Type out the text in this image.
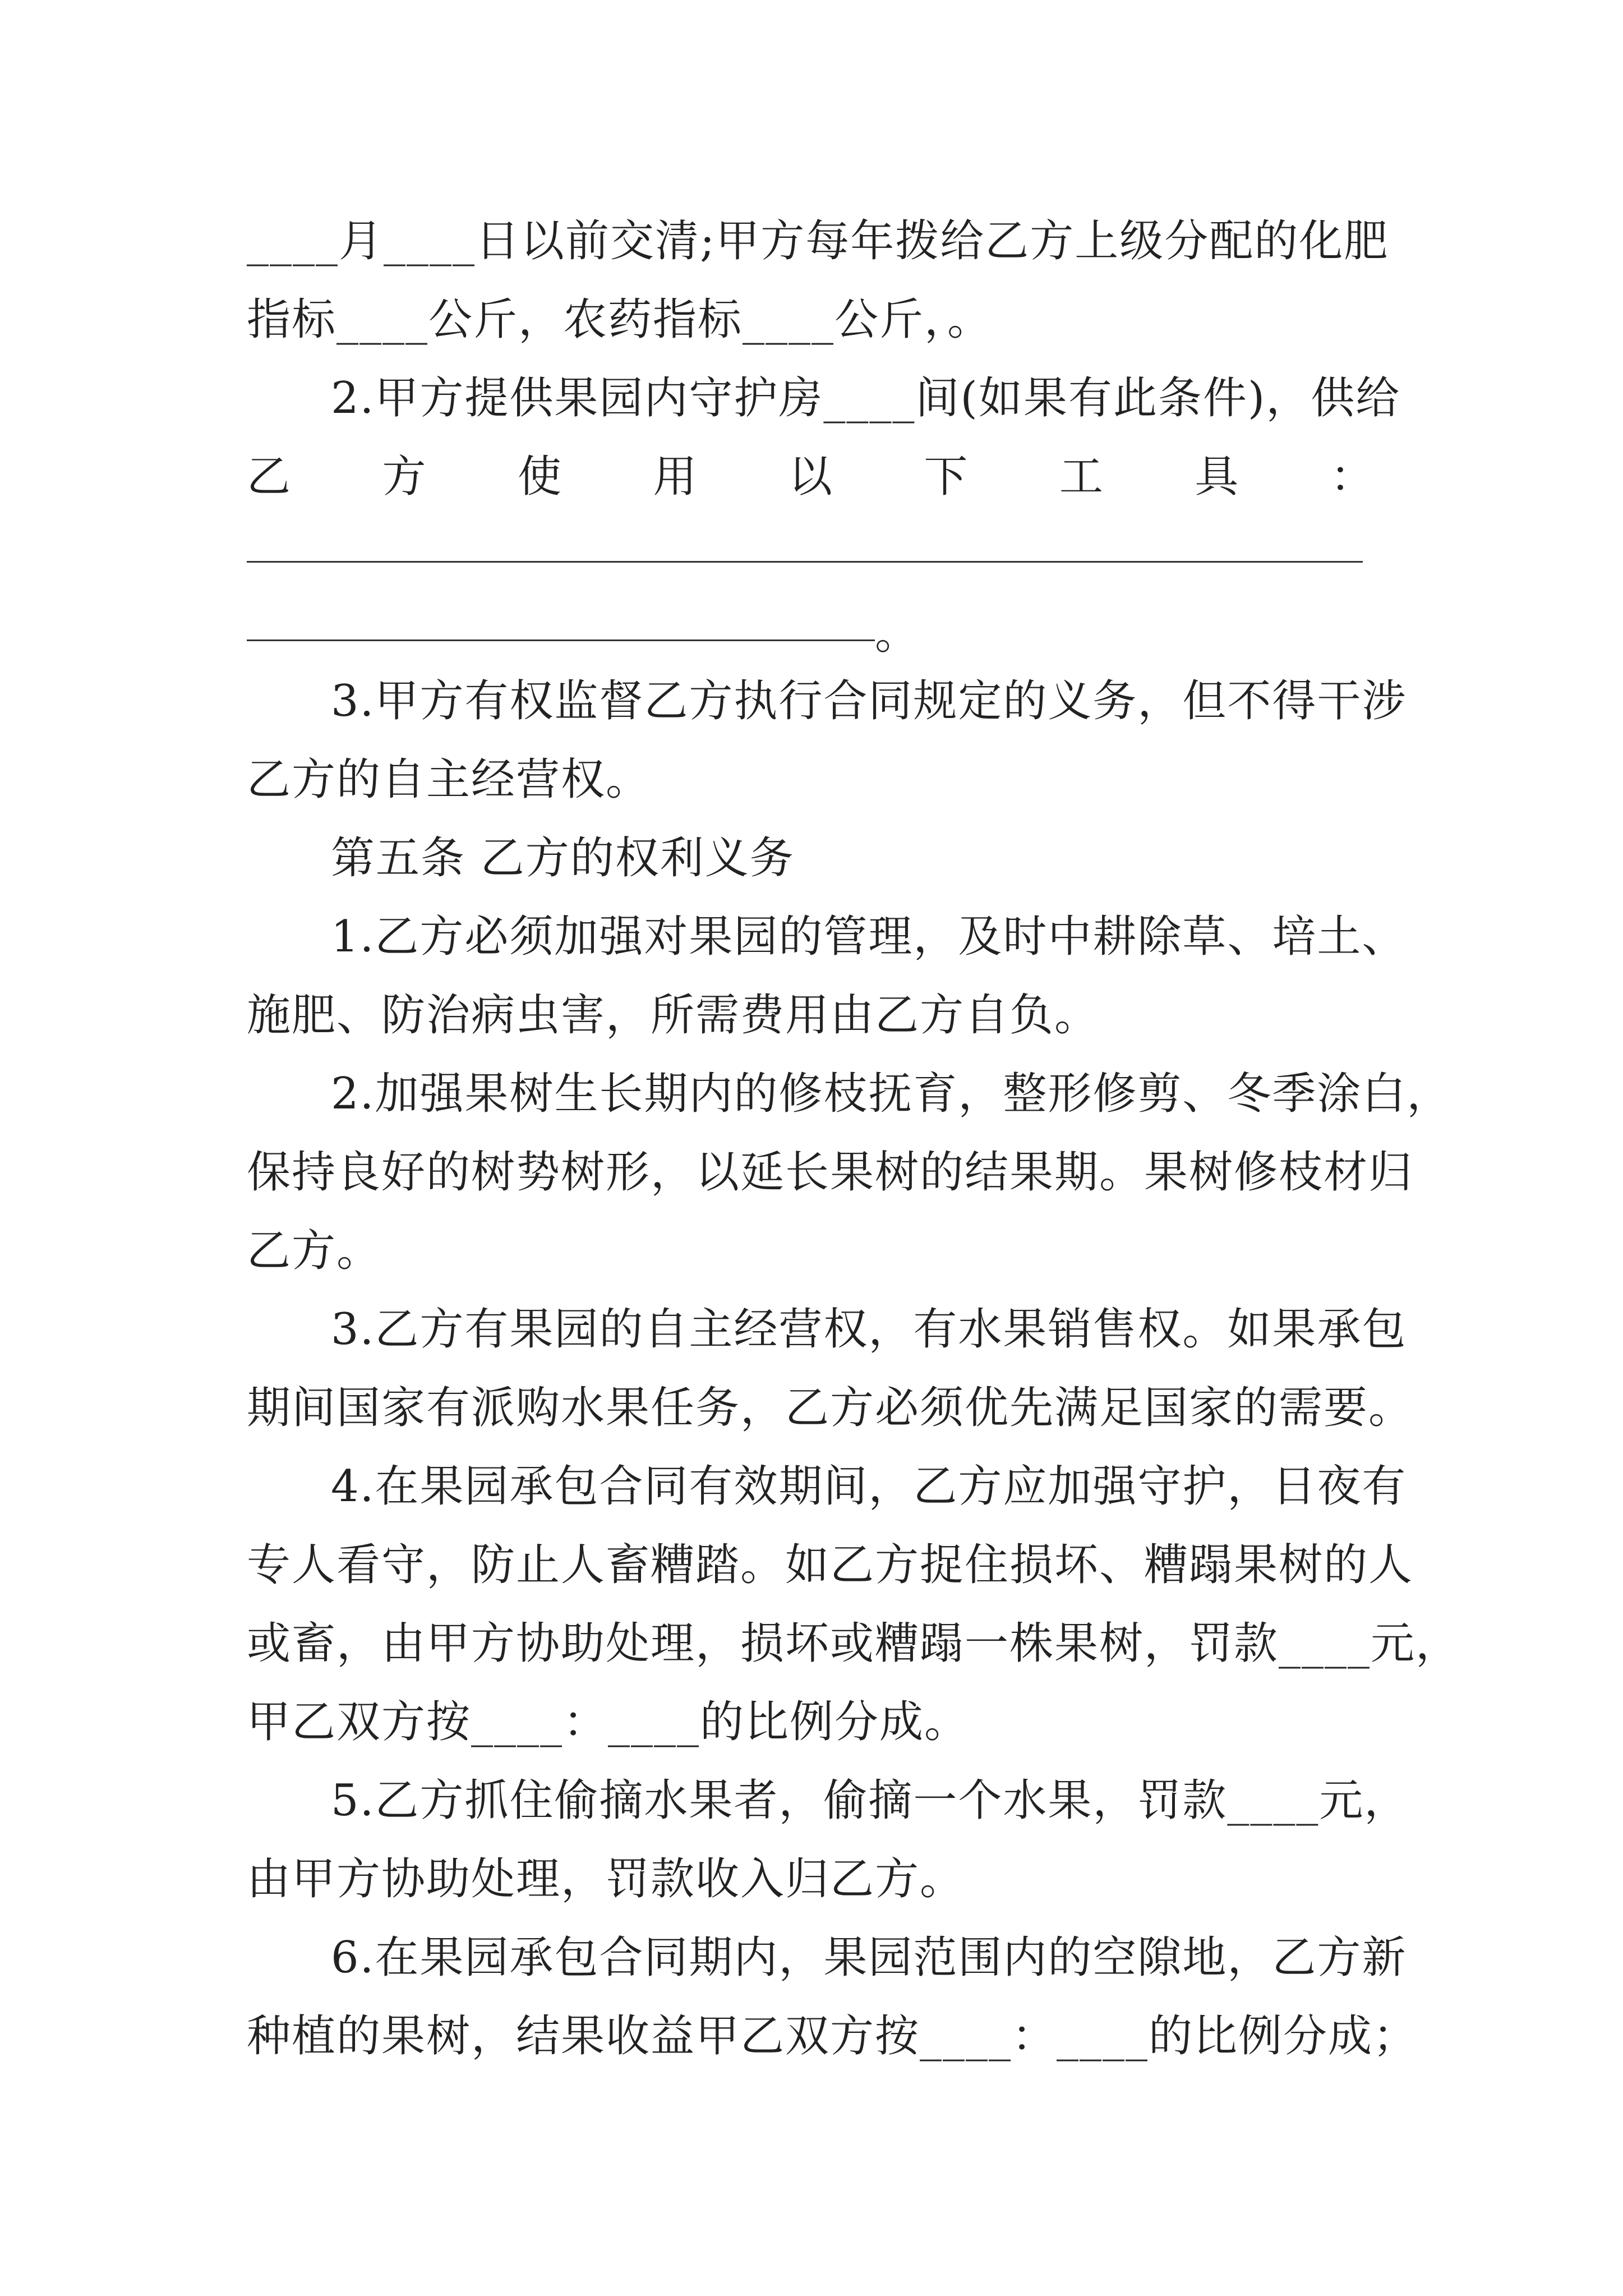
____月____日以前交清;甲方每年拨给乙方上级分配的化肥
指标____公斤，农药指标____公斤，。
2.甲方提供果园内守护房____间(如果有此条件)，供给
乙 方 使 用 以 下 工 具 ：
。
3.甲方有权监督乙方执行合同规定的义务，但不得干涉
乙方的自主经营权。
第五条 乙方的权利义务
1.乙方必须加强对果园的管理，及时中耕除草、培土、
施肥、防治病虫害，所需费用由乙方自负。
2.加强果树生长期内的修枝抚育，整形修剪、冬季涂白，
保持良好的树势树形，以延长果树的结果期。果树修枝材归
乙方。
3.乙方有果园的自主经营权，有水果销售权。如果承包
期间国家有派购水果任务，乙方必须优先满足国家的需要。
4.在果园承包合同有效期间，乙方应加强守护，日夜有
专人看守，防止人畜糟踏。如乙方捉住损坏、糟蹋果树的人
或畜，由甲方协助处理，损坏或糟蹋一株果树，罚款____元，
甲乙双方按____：____的比例分成。
5.乙方抓住偷摘水果者，偷摘一个水果，罚款____元，
由甲方协助处理，罚款收入归乙方。
6.在果园承包合同期内，果园范围内的空隙地，乙方新
种植的果树，结果收益甲乙双方按____：____的比例分成；
